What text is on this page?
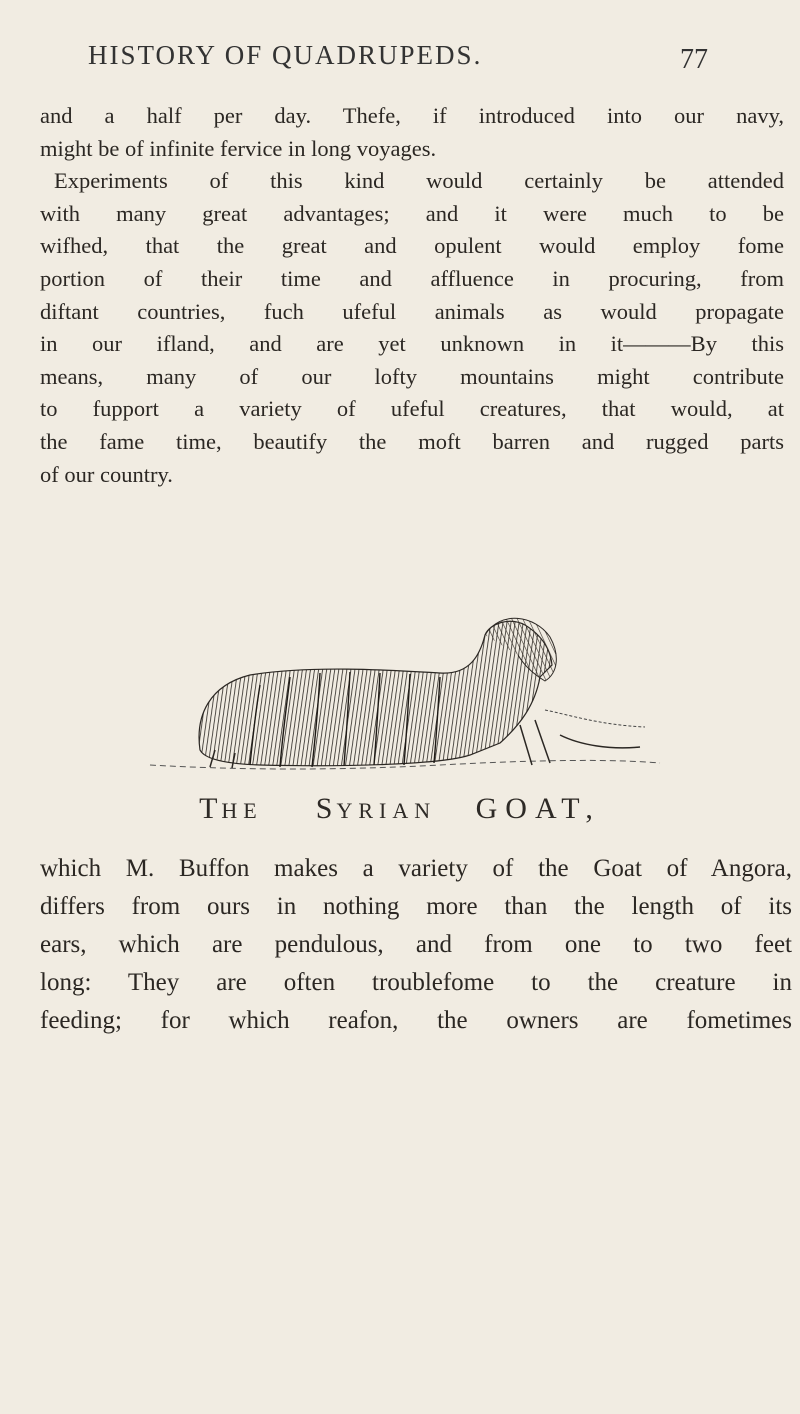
HISTORY OF QUADRUPEDS.	77

and a half per day. Thefe, if introduced into our navy,
might be of infinite fervice in long voyages.

Experiments of this kind would certainly be attended
with many great advantages; and it were much to be
wifhed, that the great and opulent would employ fome
portion of their time and affluence in procuring, from
diftant countries, fuch ufeful animals as would propagate
in our ifland, and are yet unknown in it———By this
means, many of our lofty mountains might contribute
to fupport a variety of ufeful creatures, that would, at
the fame time, beautify the moft barren and rugged parts
of our country.

THE SYRIAN GOAT,
which M. Buffon makes a variety of the Goat of Angora,
differs from ours in nothing more than the length of its
ears, which are pendulous, and from one to two feet
long: They are often troublefome to the creature in
feeding; for which reafon, the owners are fometimes
